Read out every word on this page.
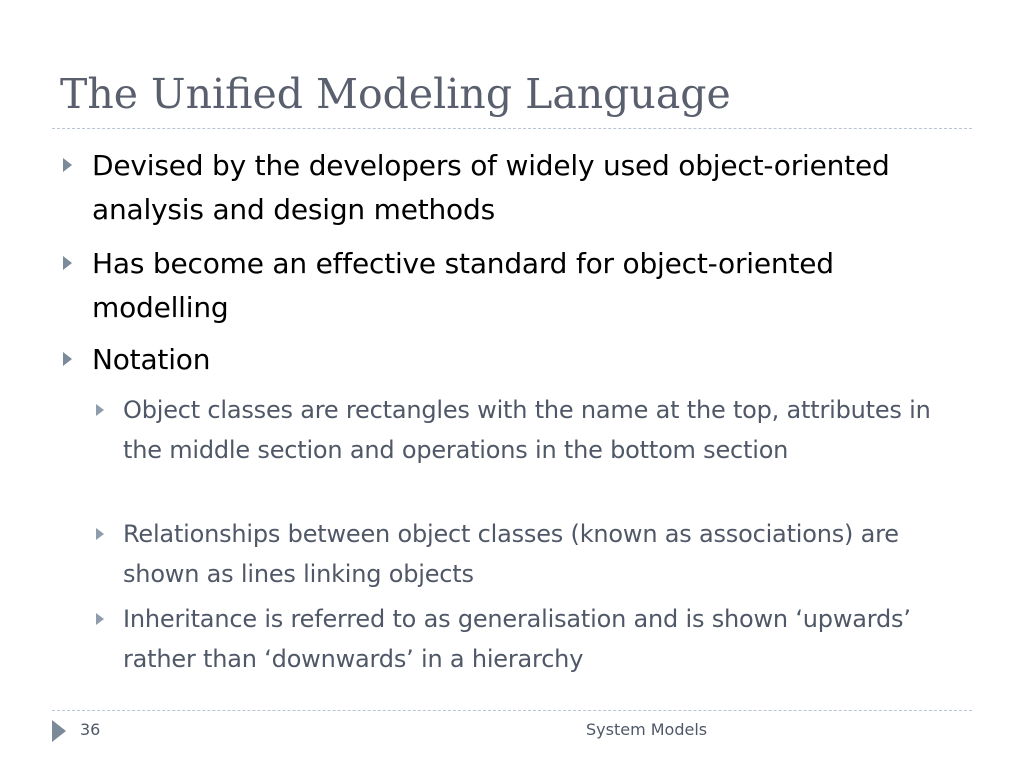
The Unified Modeling Language
Devised by the developers of widely used object-oriented analysis and design methods
Has become an effective standard for object-oriented modelling
Notation
Object classes are rectangles with the name at the top, attributes in the middle section and operations in the bottom section
Relationships between object classes (known as associations) are shown as lines linking objects
Inheritance is referred to as generalisation and is shown ‘upwards’ rather than ‘downwards’ in a hierarchy
36	System Models
